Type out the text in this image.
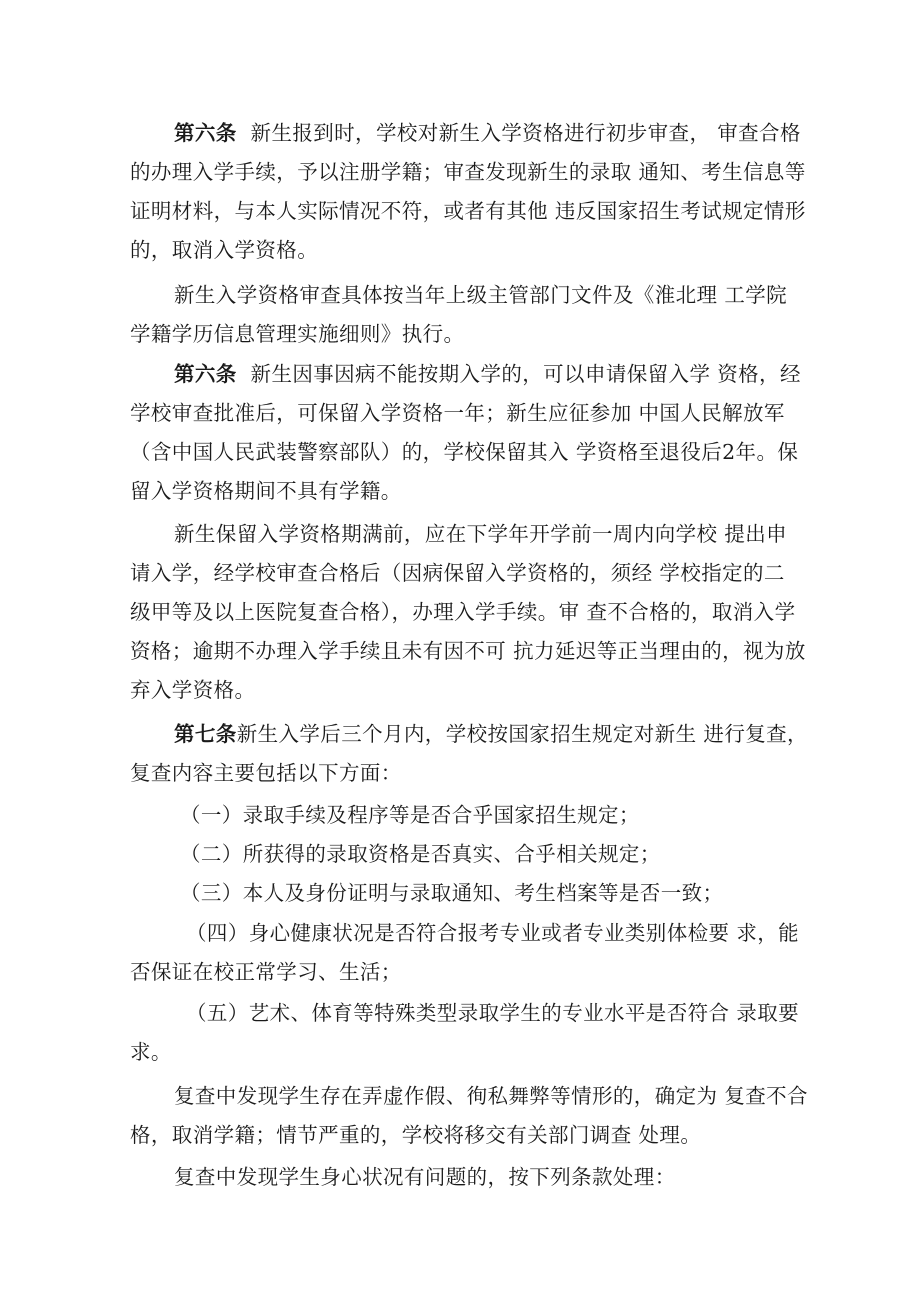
第六条 新生报到时，学校对新生入学资格进行初步审查， 审查合格
的办理入学手续，予以注册学籍；审查发现新生的录取 通知、考生信息等
证明材料，与本人实际情况不符，或者有其他 违反国家招生考试规定情形
的，取消入学资格。
新生入学资格审查具体按当年上级主管部门文件及《淮北理 工学院
学籍学历信息管理实施细则》执行。
第六条 新生因事因病不能按期入学的，可以申请保留入学 资格，经
学校审查批准后，可保留入学资格一年；新生应征参加 中国人民解放军
（含中国人民武装警察部队）的，学校保留其入 学资格至退役后2年。保
留入学资格期间不具有学籍。
新生保留入学资格期满前，应在下学年开学前一周内向学校 提出申
请入学，经学校审查合格后（因病保留入学资格的，须经 学校指定的二
级甲等及以上医院复查合格），办理入学手续。审 查不合格的，取消入学
资格；逾期不办理入学手续且未有因不可 抗力延迟等正当理由的，视为放
弃入学资格。
第七条新生入学后三个月内，学校按国家招生规定对新生 进行复查，
复查内容主要包括以下方面：
（一）录取手续及程序等是否合乎国家招生规定；
（二）所获得的录取资格是否真实、合乎相关规定；
（三）本人及身份证明与录取通知、考生档案等是否一致；
（四）身心健康状况是否符合报考专业或者专业类别体检要 求，能
否保证在校正常学习、生活；
（五）艺术、体育等特殊类型录取学生的专业水平是否符合 录取要
求。
复查中发现学生存在弄虚作假、徇私舞弊等情形的，确定为 复查不合
格，取消学籍；情节严重的，学校将移交有关部门调查 处理。
复查中发现学生身心状况有问题的，按下列条款处理：
